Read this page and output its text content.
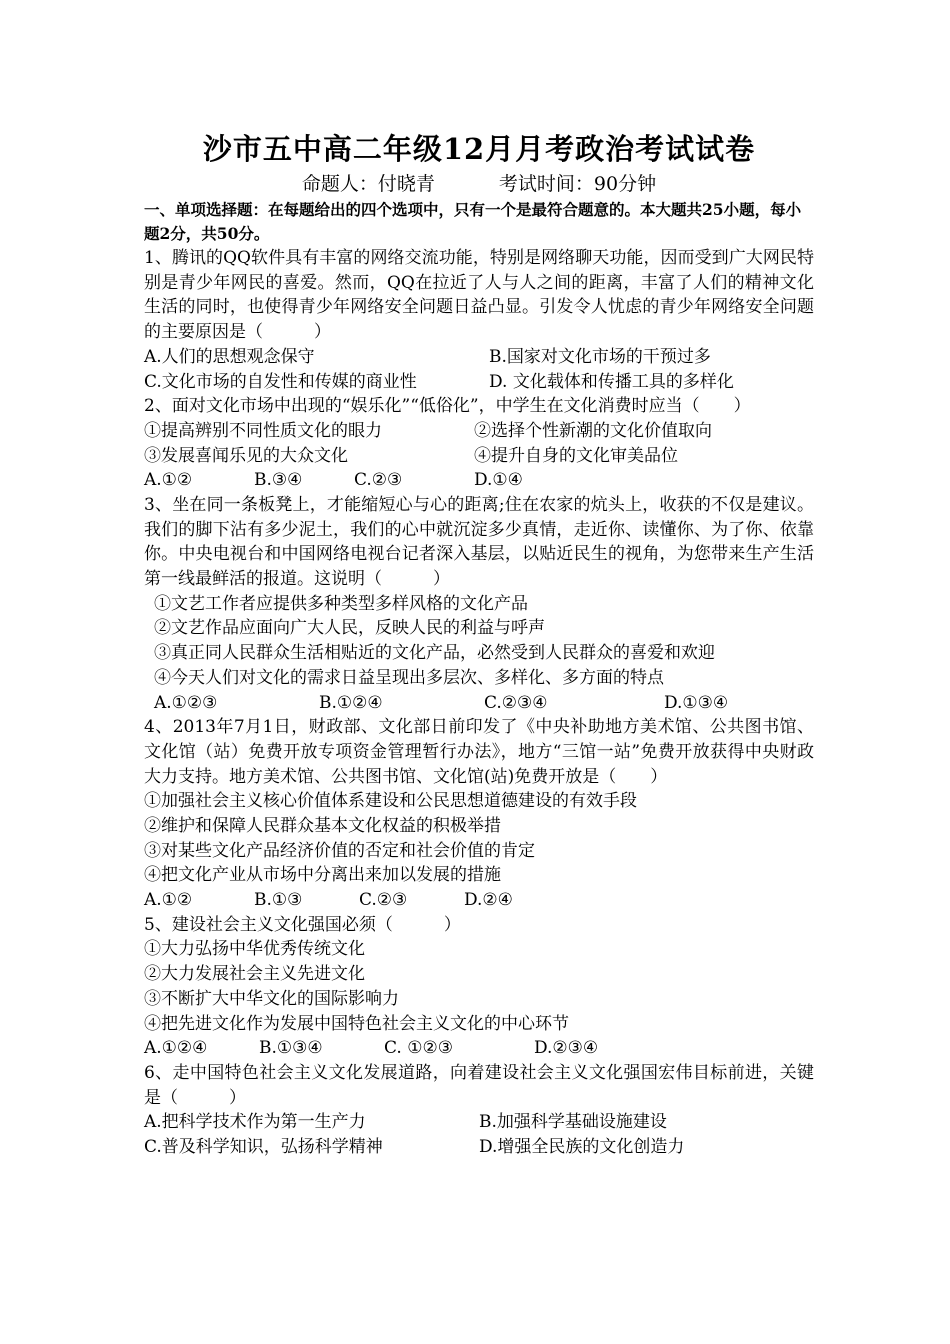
沙市五中高二年级12月月考政治考试试卷
命题人：付晓青	考试时间：90分钟

一、单项选择题：在每题给出的四个选项中，只有一个是最符合题意的。本大题共25小题，每小题2分，共50分。

1、腾讯的QQ软件具有丰富的网络交流功能，特别是网络聊天功能，因而受到广大网民特别是青少年网民的喜爱。然而，QQ在拉近了人与人之间的距离，丰富了人们的精神文化生活的同时，也使得青少年网络安全问题日益凸显。引发令人忧虑的青少年网络安全问题的主要原因是（　　　）
A.人们的思想观念保守	B.国家对文化市场的干预过多
C.文化市场的自发性和传媒的商业性	D. 文化载体和传播工具的多样化
2、面对文化市场中出现的“娱乐化”“低俗化”，中学生在文化消费时应当（　　）
①提高辨别不同性质文化的眼力	②选择个性新潮的文化价值取向
③发展喜闻乐见的大众文化	④提升自身的文化审美品位
A.①②	B.③④	C.②③	D.①④
3、坐在同一条板凳上，才能缩短心与心的距离;住在农家的炕头上，收获的不仅是建议。 我们的脚下沾有多少泥土，我们的心中就沉淀多少真情，走近你、读懂你、为了你、依靠你。中央电视台和中国网络电视台记者深入基层，以贴近民生的视角，为您带来生产生活第一线最鲜活的报道。这说明（　　　）
①文艺工作者应提供多种类型多样风格的文化产品
②文艺作品应面向广大人民，反映人民的利益与呼声
③真正同人民群众生活相贴近的文化产品，必然受到人民群众的喜爱和欢迎
④今天人们对文化的需求日益呈现出多层次、多样化、多方面的特点
A.①②③	B.①②④	C.②③④	D.①③④
4、2013年7月1日，财政部、文化部日前印发了《中央补助地方美术馆、公共图书馆、文化馆（站）免费开放专项资金管理暂行办法》，地方“三馆一站”免费开放获得中央财政大力支持。地方美术馆、公共图书馆、文化馆(站)免费开放是（　　）
①加强社会主义核心价值体系建设和公民思想道德建设的有效手段
②维护和保障人民群众基本文化权益的积极举措
③对某些文化产品经济价值的否定和社会价值的肯定
④把文化产业从市场中分离出来加以发展的措施
A.①②	B.①③	C.②③	D.②④
5、建设社会主义文化强国必须（　　　）
①大力弘扬中华优秀传统文化
②大力发展社会主义先进文化
③不断扩大中华文化的国际影响力
④把先进文化作为发展中国特色社会主义文化的中心环节
A.①②④	B.①③④	C. ①②③	D.②③④
6、走中国特色社会主义文化发展道路，向着建设社会主义文化强国宏伟目标前进，关键是（　　　）
A.把科学技术作为第一生产力	B.加强科学基础设施建设
C.普及科学知识，弘扬科学精神	D.增强全民族的文化创造力
